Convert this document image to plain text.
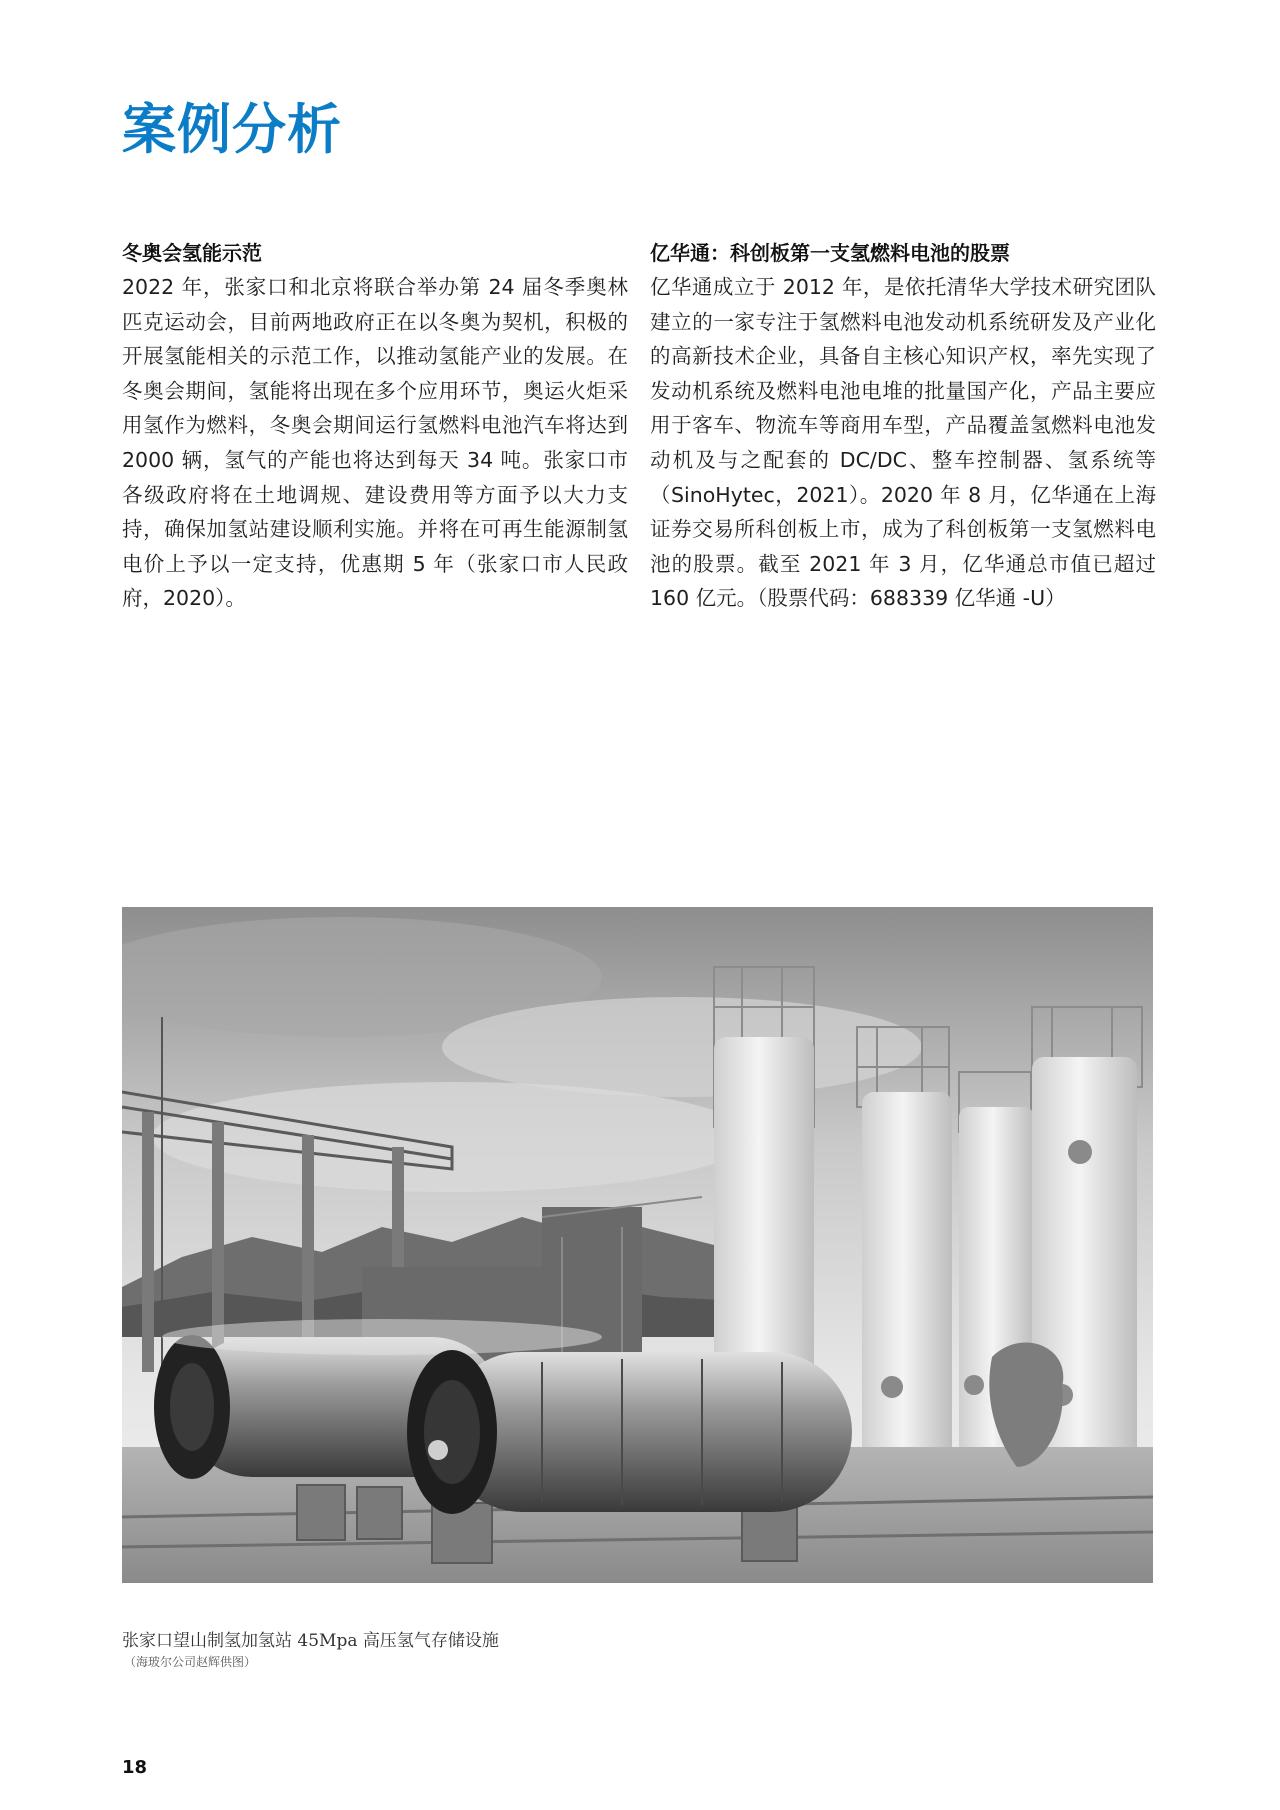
案例分析
冬奥会氢能示范

2022 年，张家口和北京将联合举办第 24 届冬季奥林匹克运动会，目前两地政府正在以冬奥为契机，积极的开展氢能相关的示范工作，以推动氢能产业的发展。在冬奥会期间，氢能将出现在多个应用环节，奥运火炬采用氢作为燃料，冬奥会期间运行氢燃料电池汽车将达到 2000 辆，氢气的产能也将达到每天 34 吨。张家口市各级政府将在土地调规、建设费用等方面予以大力支持，确保加氢站建设顺利实施。并将在可再生能源制氢电价上予以一定支持，优惠期 5 年（张家口市人民政府，2020）。

亿华通：科创板第一支氢燃料电池的股票

亿华通成立于 2012 年，是依托清华大学技术研究团队建立的一家专注于氢燃料电池发动机系统研发及产业化的高新技术企业，具备自主核心知识产权，率先实现了发动机系统及燃料电池电堆的批量国产化，产品主要应用于客车、物流车等商用车型，产品覆盖氢燃料电池发动机及与之配套的 DC/DC、整车控制器、氢系统等（SinoHytec，2021）。2020 年 8 月，亿华通在上海证券交易所科创板上市，成为了科创板第一支氢燃料电池的股票。截至 2021 年 3 月，亿华通总市值已超过 160 亿元。（股票代码：688339 亿华通 -U）

张家口望山制氢加氢站 45Mpa 高压氢气存储设施
（海玻尔公司赵辉供图）
18
